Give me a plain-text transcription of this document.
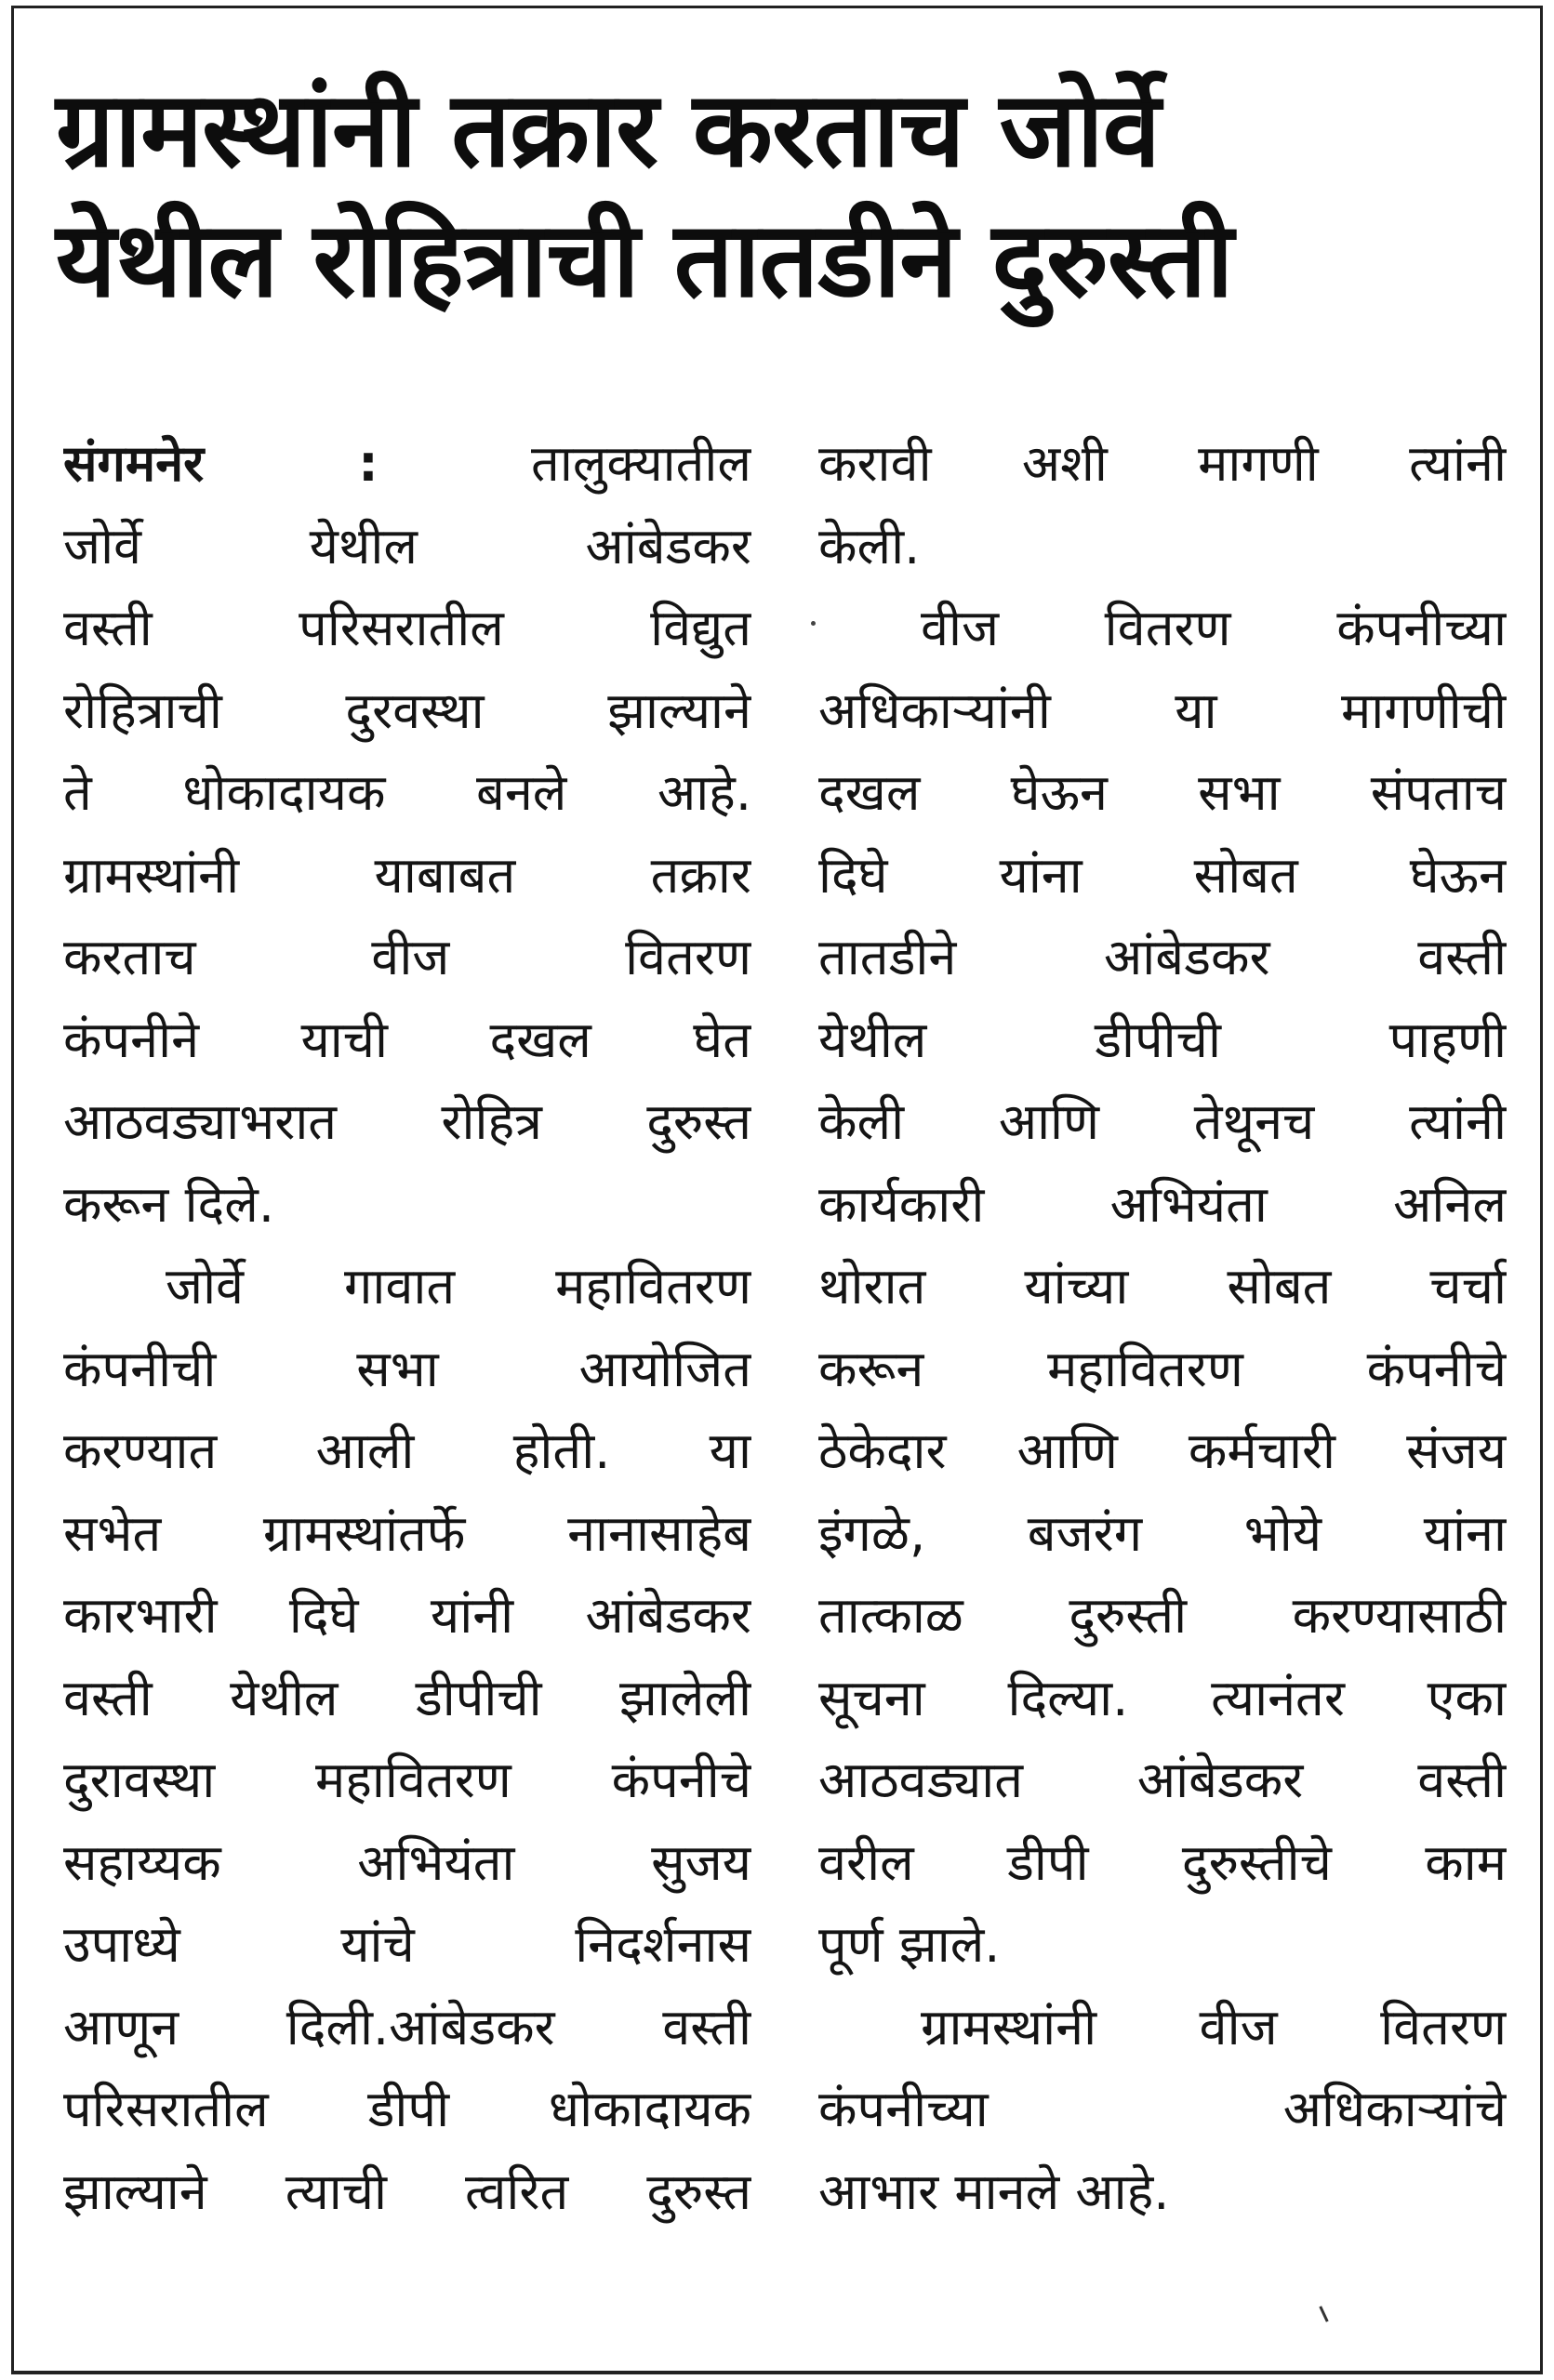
ग्रामस्थांनी तक्रार करताच जोर्वे
येथील रोहित्राची तातडीने दुरुस्ती
संगमनेर :	तालुक्यातील
जोर्वे येथील आंबेडकर
वस्ती परिसरातील विद्युत
रोहित्राची दुरवस्था झाल्याने
ते धोकादायक बनले आहे.
ग्रामस्थांनी याबाबत तक्रार
करताच वीज वितरण
कंपनीने याची दखल घेत
आठवड्याभरात रोहित्र दुरुस्त
करून दिले.
जोर्वे गावात महावितरण
कंपनीची सभा आयोजित
करण्यात आली होती. या
सभेत ग्रामस्थांतर्फे नानासाहेब
कारभारी दिघे यांनी आंबेडकर
वस्ती येथील डीपीची झालेली
दुरावस्था महावितरण कंपनीचे
सहाय्यक अभियंता सुजय
उपाध्ये यांचे निदर्शनास
आणून दिली.आंबेडकर वस्ती
परिसरातील डीपी धोकादायक
झाल्याने त्याची त्वरित दुरुस्त
करावी अशी मागणी त्यांनी
केली.
वीज वितरण कंपनीच्या
अधिकाऱ्यांनी या मागणीची
दखल घेऊन सभा संपताच
दिघे यांना सोबत घेऊन
तातडीने आंबेडकर वस्ती
येथील डीपीची पाहणी
केली आणि तेथूनच त्यांनी
कार्यकारी अभियंता अनिल
थोरात यांच्या सोबत चर्चा
करून महावितरण कंपनीचे
ठेकेदार आणि कर्मचारी संजय
इंगळे, बजरंग भोये यांना
तात्काळ दुरुस्ती करण्यासाठी
सूचना दिल्या. त्यानंतर एका
आठवड्यात आंबेडकर वस्ती
वरील डीपी दुरुस्तीचे काम
पूर्ण झाले.
ग्रामस्थांनी वीज वितरण
कंपनीच्या अधिकाऱ्यांचे
आभार मानले आहे.
